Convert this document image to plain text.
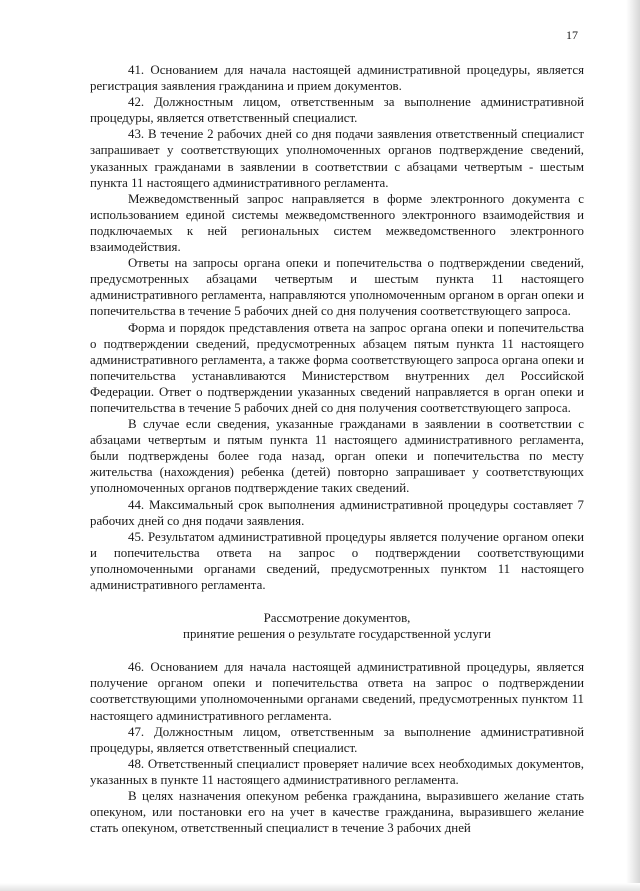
17

41. Основанием для начала настоящей административной процедуры, является регистрация заявления гражданина и прием документов.

42. Должностным лицом, ответственным за выполнение административной процедуры, является ответственный специалист.

43. В течение 2 рабочих дней со дня подачи заявления ответственный специалист запрашивает у соответствующих уполномоченных органов подтверждение сведений, указанных гражданами в заявлении в соответствии с абзацами четвертым - шестым пункта 11 настоящего административного регламента.

Межведомственный запрос направляется в форме электронного документа с использованием единой системы межведомственного электронного взаимодействия и подключаемых к ней региональных систем межведомственного электронного взаимодействия.

Ответы на запросы органа опеки и попечительства о подтверждении сведений, предусмотренных абзацами четвертым и шестым пункта 11 настоящего административного регламента, направляются уполномоченным органом в орган опеки и попечительства в течение 5 рабочих дней со дня получения соответствующего запроса.

Форма и порядок представления ответа на запрос органа опеки и попечительства о подтверждении сведений, предусмотренных абзацем пятым пункта 11 настоящего административного регламента, а также форма соответствующего запроса органа опеки и попечительства устанавливаются Министерством внутренних дел Российской Федерации. Ответ о подтверждении указанных сведений направляется в орган опеки и попечительства в течение 5 рабочих дней со дня получения соответствующего запроса.

В случае если сведения, указанные гражданами в заявлении в соответствии с абзацами четвертым и пятым пункта 11 настоящего административного регламента, были подтверждены более года назад, орган опеки и попечительства по месту жительства (нахождения) ребенка (детей) повторно запрашивает у соответствующих уполномоченных органов подтверждение таких сведений.

44. Максимальный срок выполнения административной процедуры составляет 7 рабочих дней со дня подачи заявления.

45. Результатом административной процедуры является получение органом опеки и попечительства ответа на запрос о подтверждении соответствующими уполномоченными органами сведений, предусмотренных пунктом 11 настоящего административного регламента.

Рассмотрение документов,
принятие решения о результате государственной услуги

46. Основанием для начала настоящей административной процедуры, является получение органом опеки и попечительства ответа на запрос о подтверждении соответствующими уполномоченными органами сведений, предусмотренных пунктом 11 настоящего административного регламента.

47. Должностным лицом, ответственным за выполнение административной процедуры, является ответственный специалист.

48. Ответственный специалист проверяет наличие всех необходимых документов, указанных в пункте 11 настоящего административного регламента.

В целях назначения опекуном ребенка гражданина, выразившего желание стать опекуном, или постановки его на учет в качестве гражданина, выразившего желание стать опекуном, ответственный специалист в течение 3 рабочих дней
